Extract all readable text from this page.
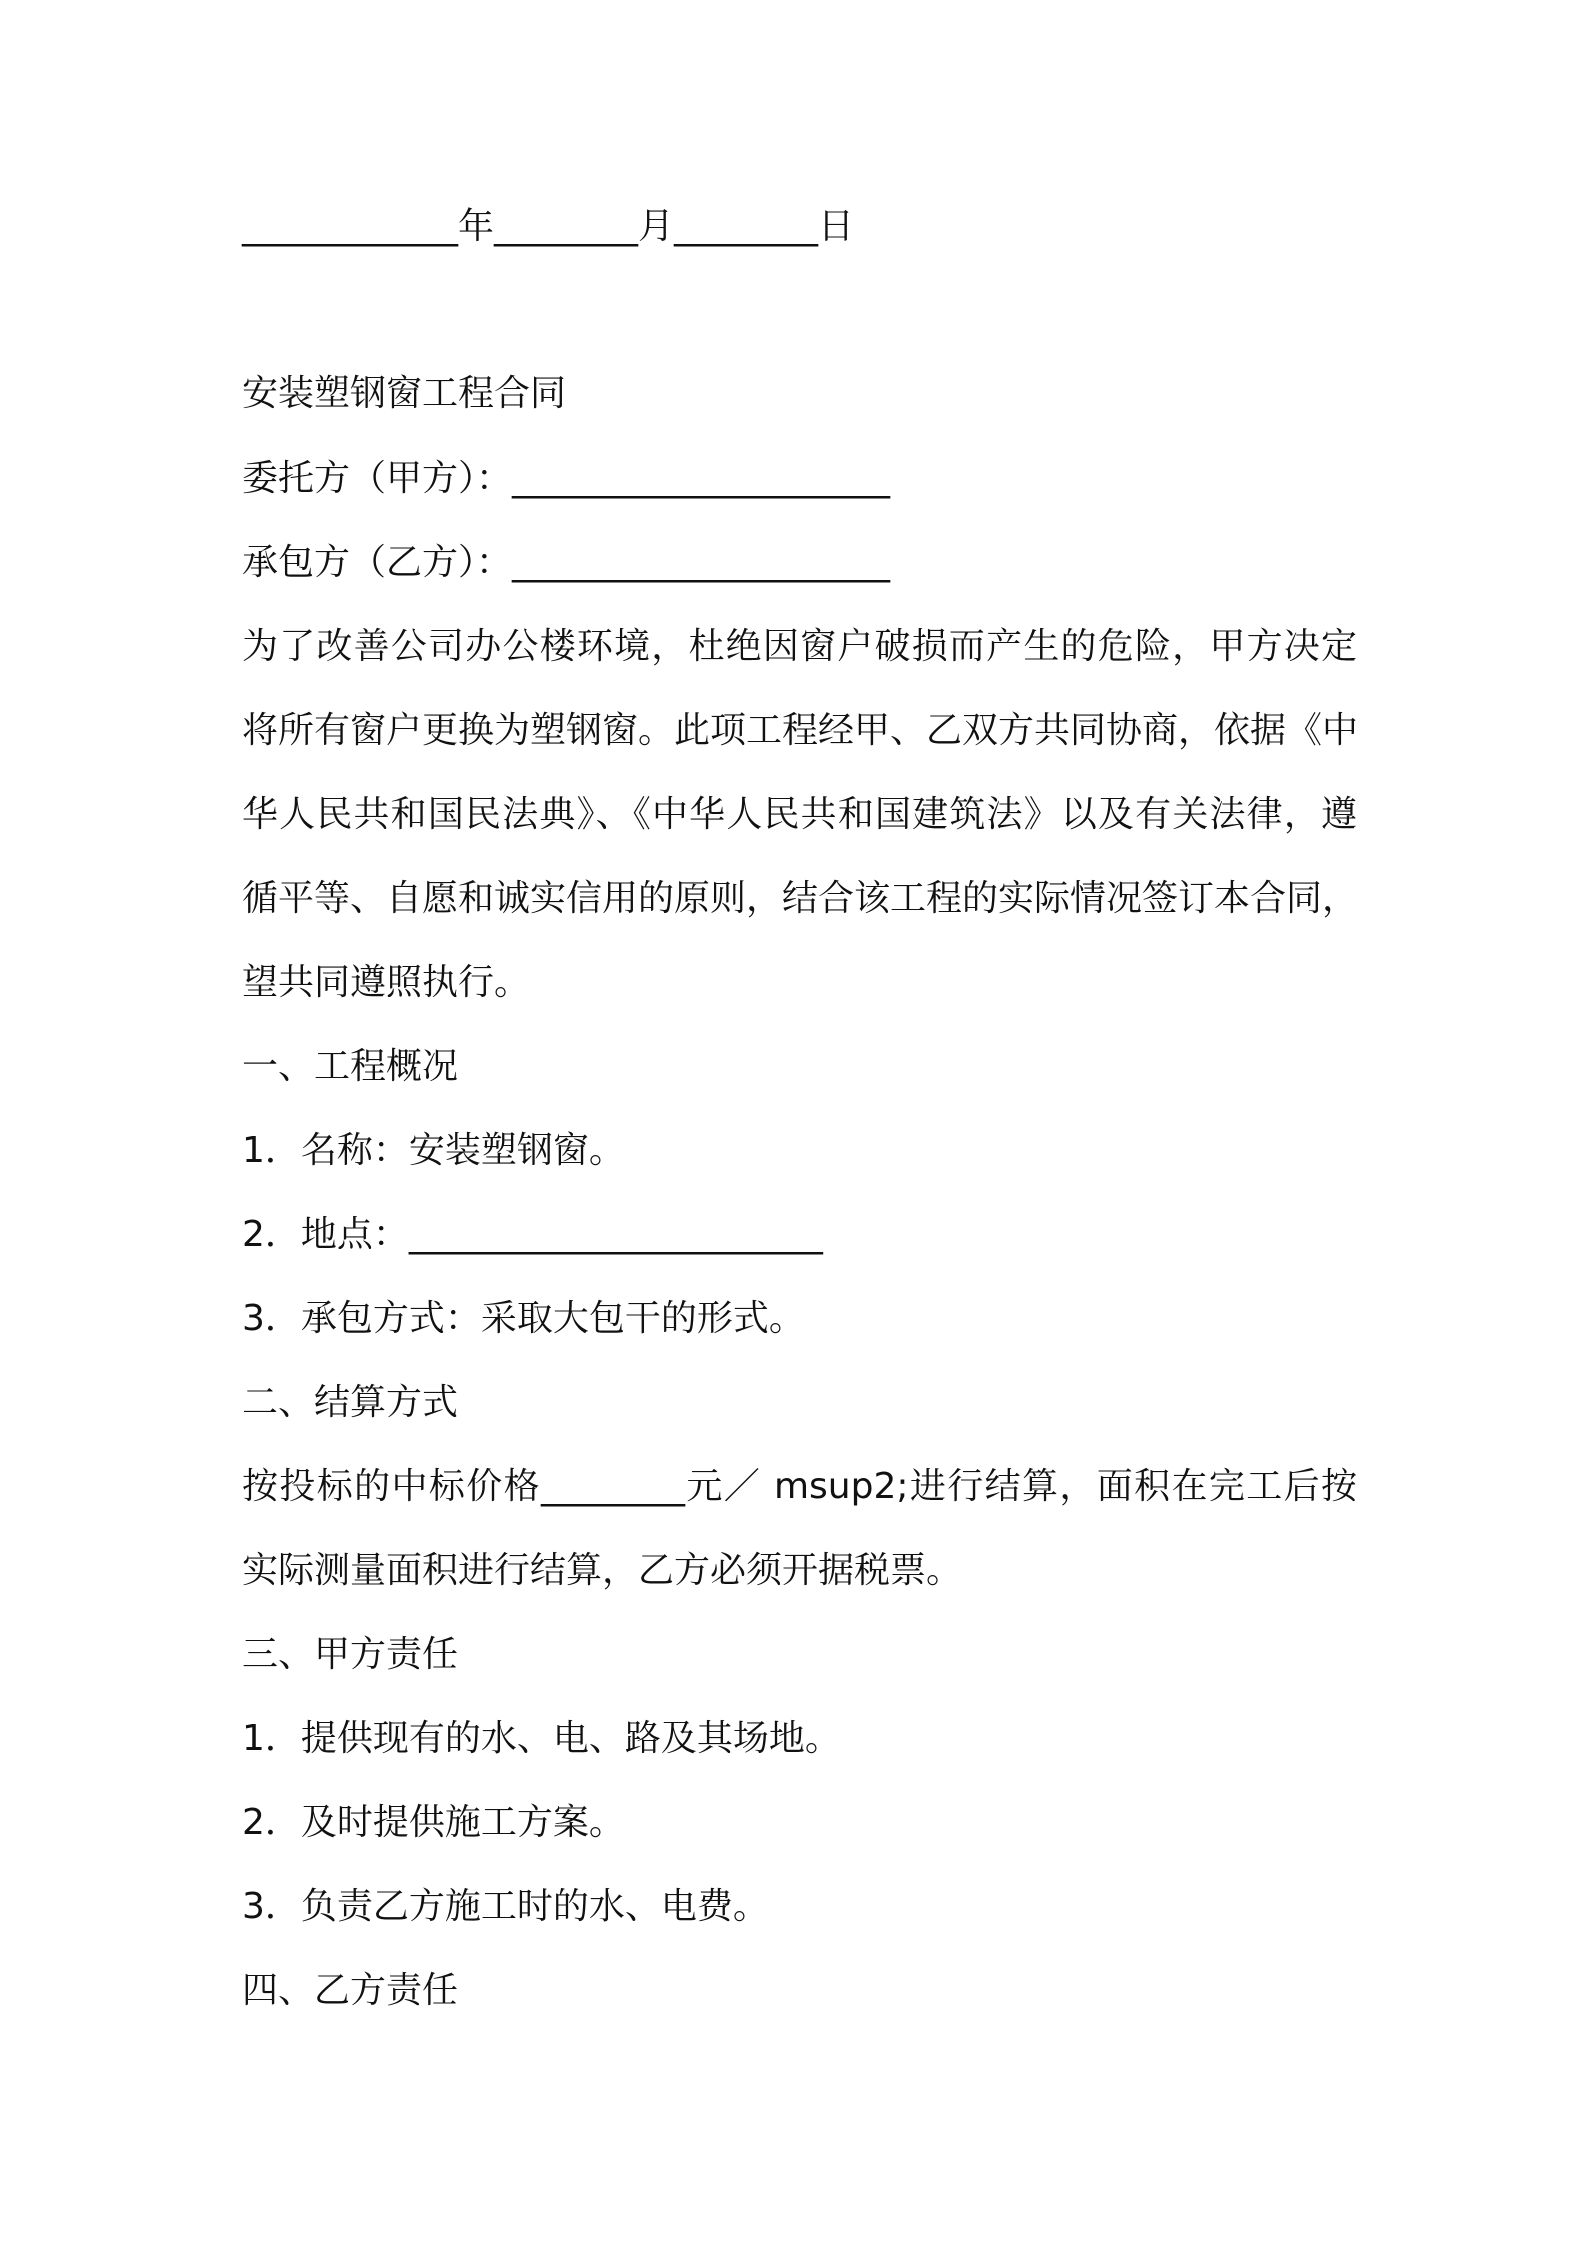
____________年________月________日

安装塑钢窗工程合同

委托方（甲方）：_____________________

承包方（乙方）：_____________________

为了改善公司办公楼环境，杜绝因窗户破损而产生的危险，甲方决定

将所有窗户更换为塑钢窗。此项工程经甲、乙双方共同协商，依据《中

华人民共和国民法典》、《中华人民共和国建筑法》以及有关法律，遵

循平等、自愿和诚实信用的原则，结合该工程的实际情况签订本合同，

望共同遵照执行。

一、工程概况

1．名称：安装塑钢窗。

2．地点：_______________________

3．承包方式：采取大包干的形式。

二、结算方式

按投标的中标价格________元／ msup2;进行结算，面积在完工后按

实际测量面积进行结算，乙方必须开据税票。

三、甲方责任

1．提供现有的水、电、路及其场地。

2．及时提供施工方案。

3．负责乙方施工时的水、电费。

四、乙方责任
